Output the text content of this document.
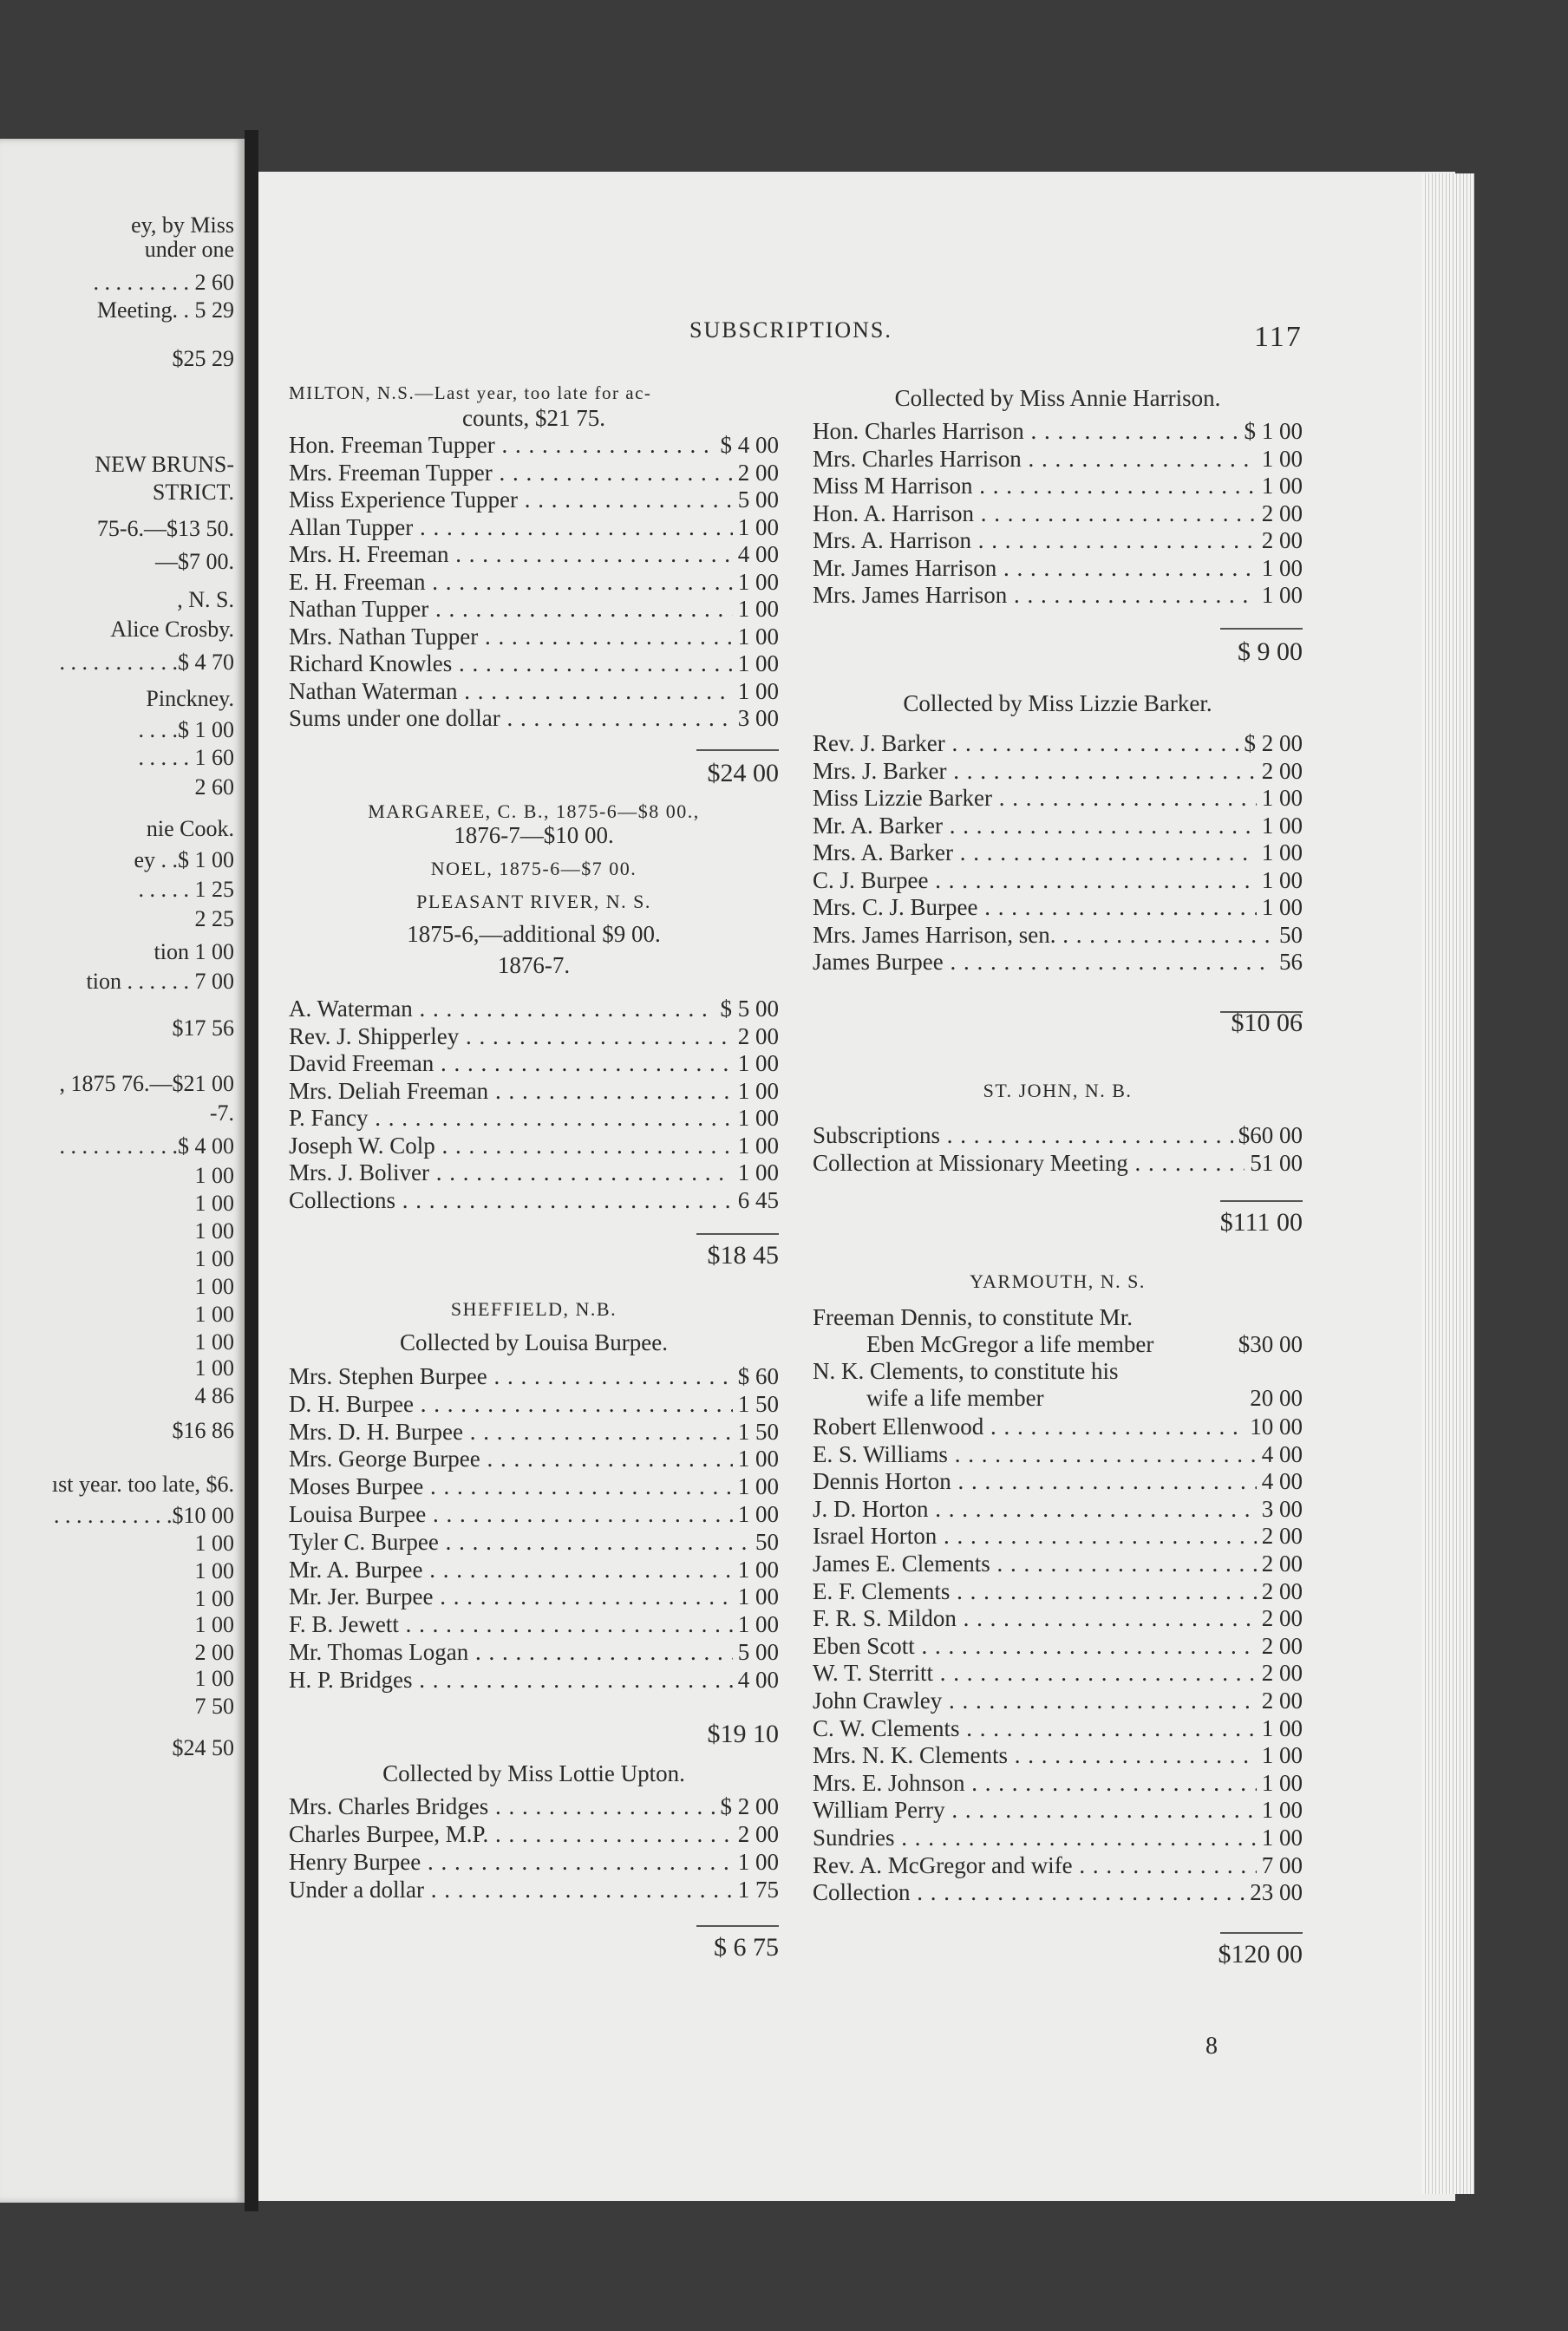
ey, by Miss
under one
. . . . . . . . . 2 60
Meeting. . 5 29
$25 29
NEW BRUNS-
STRICT.
75-6.—$13 50.
—$7 00.
, N. S.
Alice Crosby.
. . . . . . . . . . .$ 4 70
Pinckney.
. . . .$ 1 00
. . . . . 1 60
2 60
nie Cook.
ey . .$ 1 00
. . . . . 1 25
2 25
tion 1 00
tion . . . . . . 7 00
$17 56
, 1875 76.—$21 00
-7.
. . . . . . . . . . .$ 4 00
1 00
1 00
1 00
1 00
1 00
1 00
1 00
1 00
4 86
$16 86
ıst year. too late, $6.
. . . . . . . . . . .$10 00
1 00
1 00
1 00
1 00
2 00
1 00
7 50
$24 50
SUBSCRIPTIONS.	117
MILTON, N.S.—Last year, too late for ac-
counts, $21 75.
Hon. Freeman Tupper . . .	$ 4 00
Mrs. Freeman Tupper . . .	2 00
Miss Experience Tupper . . .	5 00
Allan Tupper . . .	1 00
Mrs. H. Freeman . . .	4 00
E. H. Freeman . . .	1 00
Nathan Tupper . . .	1 00
Mrs. Nathan Tupper . . .	1 00
Richard Knowles . . .	1 00
Nathan Waterman . . .	1 00
Sums under one dollar . . .	3 00
$24 00
MARGAREE, C. B., 1875-6—$8 00.,
1876-7—$10 00.
NOEL, 1875-6—$7 00.
PLEASANT RIVER, N. S.
1875-6,—additional $9 00.
1876-7.
A. Waterman . . .	$ 5 00
Rev. J. Shipperley . . .	2 00
David Freeman . . .	1 00
Mrs. Deliah Freeman . . .	1 00
P. Fancy . . .	1 00
Joseph W. Colp . . .	1 00
Mrs. J. Boliver . . .	1 00
Collections . . .	6 45
$18 45
SHEFFIELD, N.B.
Collected by Louisa Burpee.
Mrs. Stephen Burpee . . .	$ 60
D. H. Burpee . . .	1 50
Mrs. D. H. Burpee . . .	1 50
Mrs. George Burpee . . .	1 00
Moses Burpee . . .	1 00
Louisa Burpee . . .	1 00
Tyler C. Burpee . . .	50
Mr. A. Burpee . . .	1 00
Mr. Jer. Burpee . . .	1 00
F. B. Jewett . . .	1 00
Mr. Thomas Logan . . .	5 00
H. P. Bridges . . .	4 00
$19 10
Collected by Miss Lottie Upton.
Mrs. Charles Bridges . . .	$ 2 00
Charles Burpee, M.P. . . .	2 00
Henry Burpee . . .	1 00
Under a dollar . . .	1 75
$ 6 75
Collected by Miss Annie Harrison.
Hon. Charles Harrison . . .	$ 1 00
Mrs. Charles Harrison . . .	1 00
Miss M Harrison . . .	1 00
Hon. A. Harrison . . .	2 00
Mrs. A. Harrison . . .	2 00
Mr. James Harrison . . .	1 00
Mrs. James Harrison . . .	1 00
$ 9 00
Collected by Miss Lizzie Barker.
Rev. J. Barker . . .	$ 2 00
Mrs. J. Barker . . .	2 00
Miss Lizzie Barker . . .	1 00
Mr. A. Barker . . .	1 00
Mrs. A. Barker . . .	1 00
C. J. Burpee . . .	1 00
Mrs. C. J. Burpee . . .	1 00
Mrs. James Harrison, sen. . . .	50
James Burpee . . .	56
$10 06
ST. JOHN, N. B.
Subscriptions . . .	$60 00
Collection at Missionary Meeting . . .	51 00
$111 00
YARMOUTH, N. S.
Freeman Dennis, to constitute Mr.
Eben McGregor a life member	$30 00
N. K. Clements, to constitute his
wife a life member	20 00
Robert Ellenwood . . .	10 00
E. S. Williams . . .	4 00
Dennis Horton . . .	4 00
J. D. Horton . . .	3 00
Israel Horton . . .	2 00
James E. Clements . . .	2 00
E. F. Clements . . .	2 00
F. R. S. Mildon . . .	2 00
Eben Scott . . .	2 00
W. T. Sterritt . . .	2 00
John Crawley . . .	2 00
C. W. Clements . . .	1 00
Mrs. N. K. Clements . . .	1 00
Mrs. E. Johnson . . .	1 00
William Perry . . .	1 00
Sundries . . .	1 00
Rev. A. McGregor and wife . . .	7 00
Collection . . .	23 00
$120 00
8
